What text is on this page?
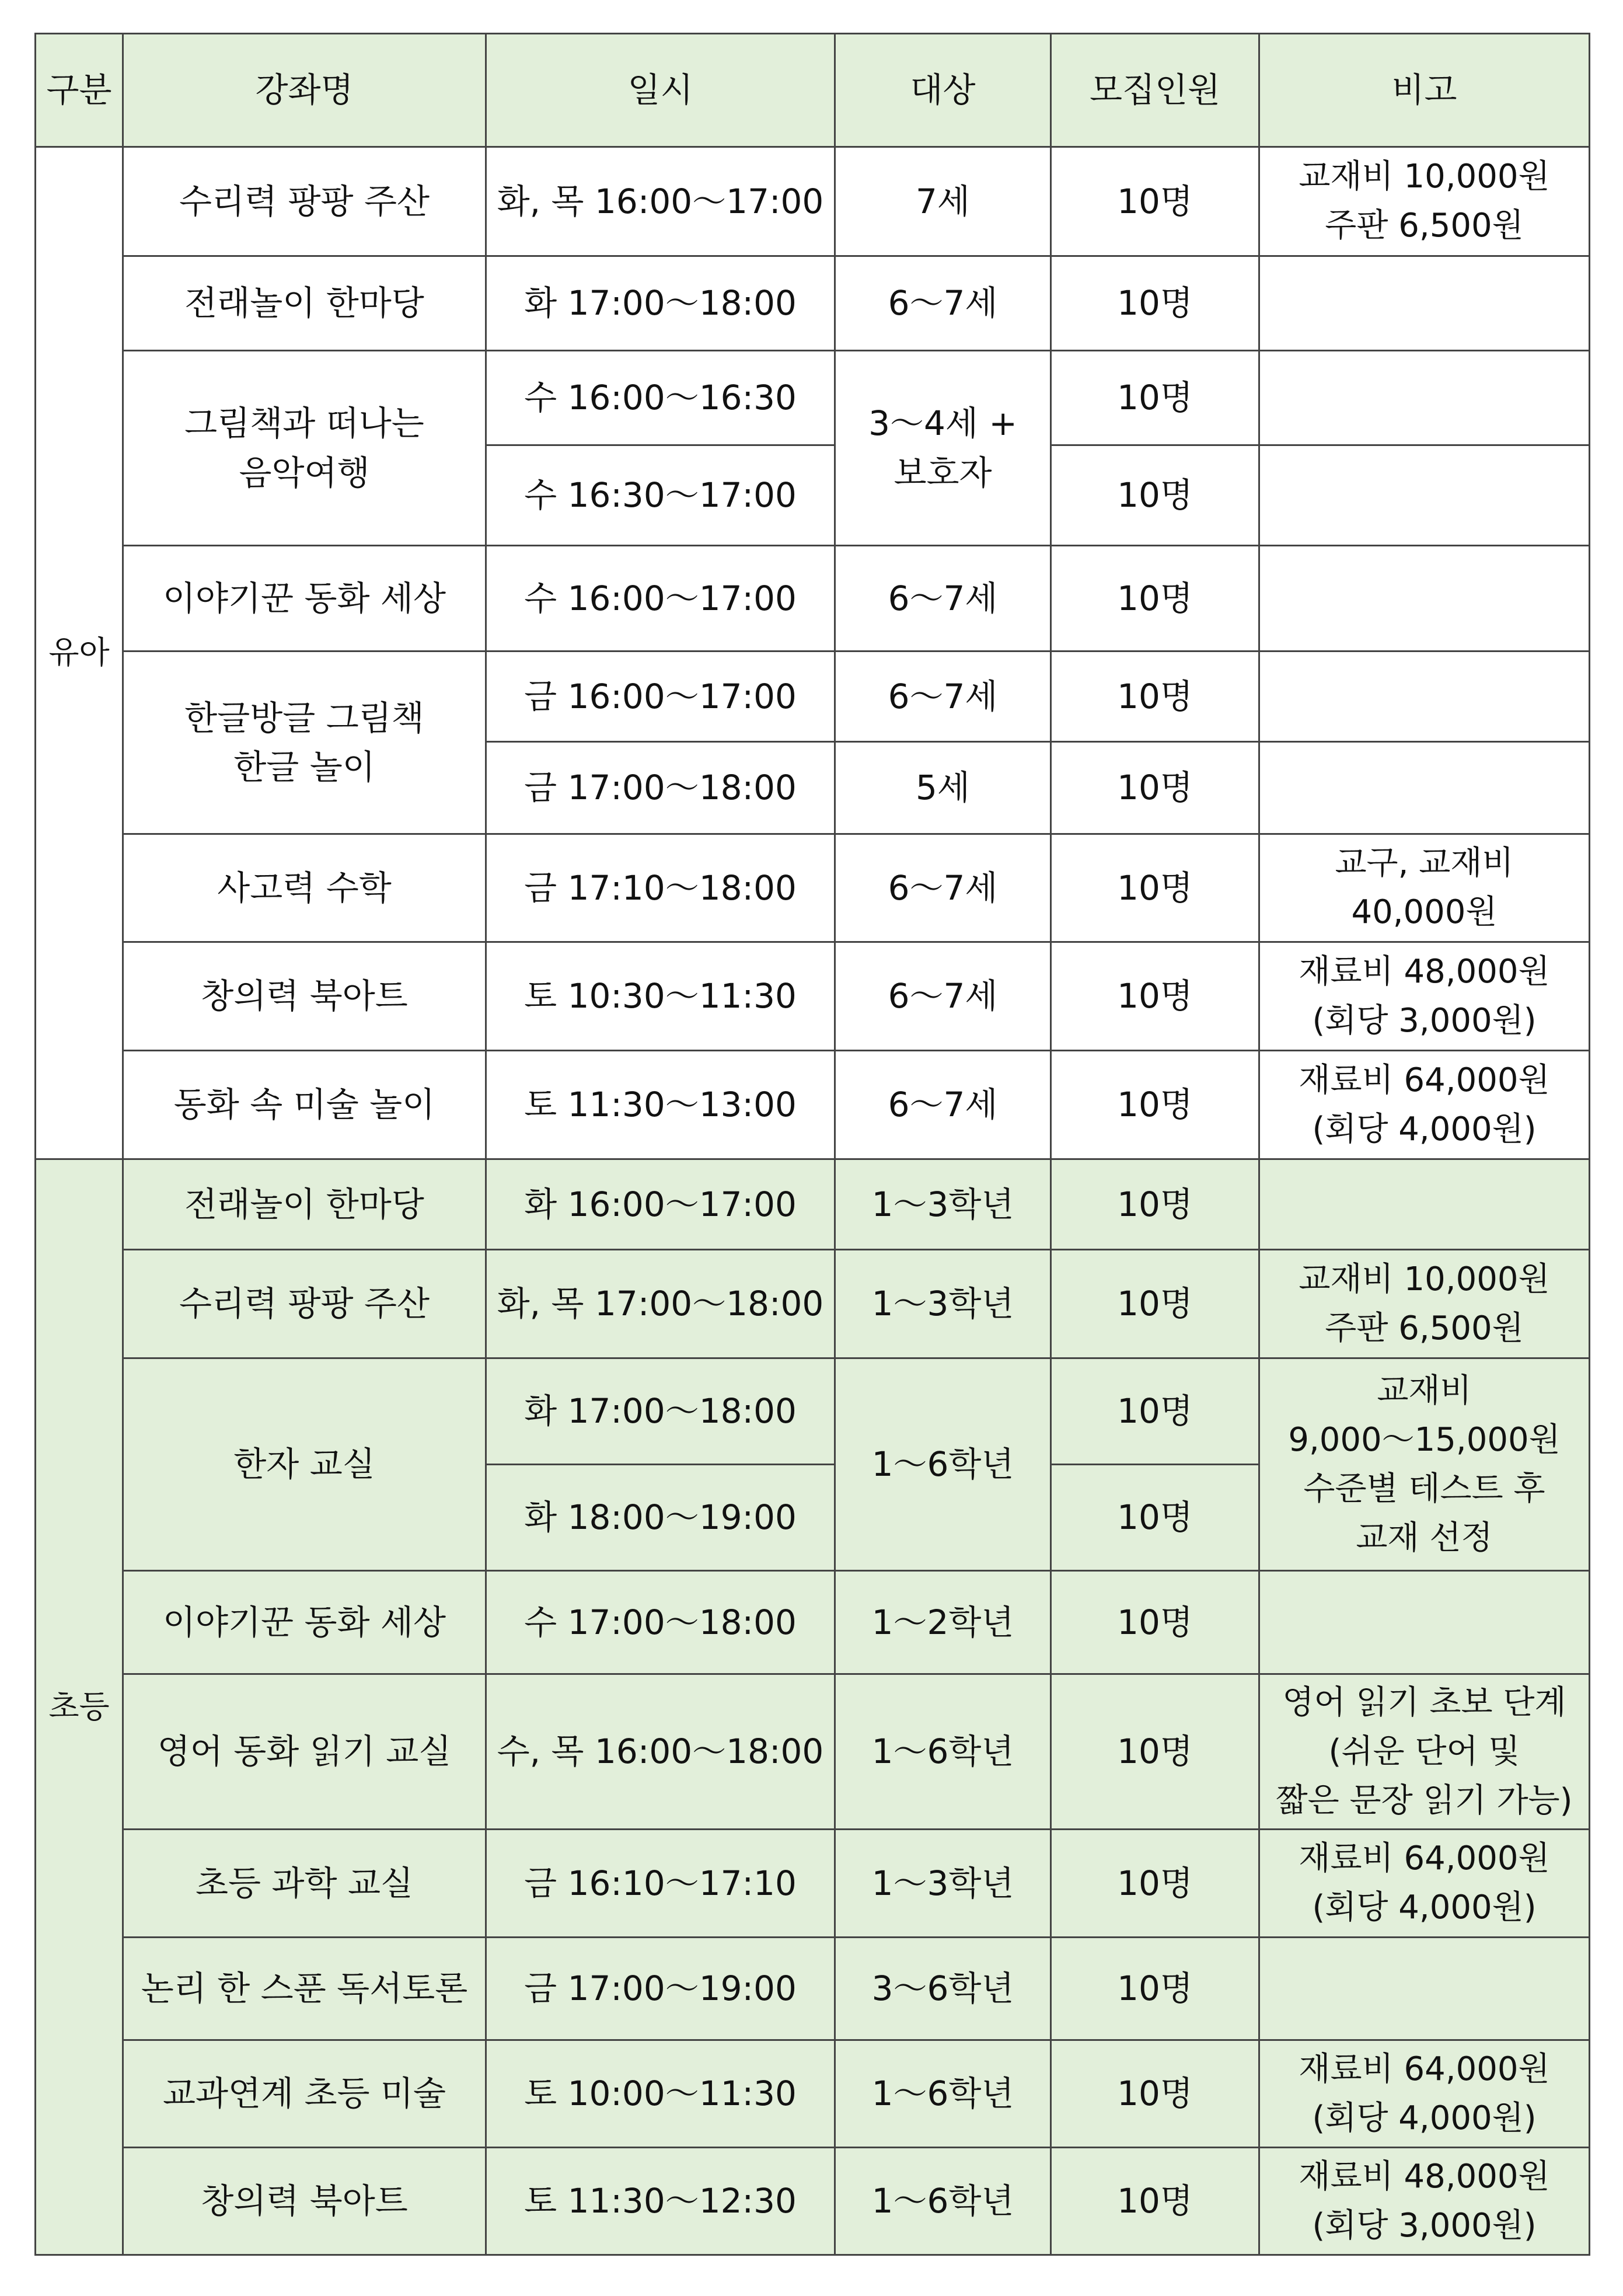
구분	강좌명	일시	대상	모집인원	비고
유아	수리력 팡팡 주산	화, 목 16:00～17:00	7세	10명	교재비 10,000원
주판 6,500원
	전래놀이 한마당	화 17:00～18:00	6～7세	10명	
	그림책과 떠나는
음악여행	수 16:00～16:30	3～4세 +
보호자	10명	
		수 16:30～17:00		10명	
	이야기꾼 동화 세상	수 16:00～17:00	6～7세	10명	
	한글방글 그림책
한글 놀이	금 16:00～17:00	6～7세	10명	
		금 17:00～18:00	5세	10명	
	사고력 수학	금 17:10～18:00	6～7세	10명	교구, 교재비
40,000원
	창의력 북아트	토 10:30～11:30	6～7세	10명	재료비 48,000원
(회당 3,000원)
	동화 속 미술 놀이	토 11:30～13:00	6～7세	10명	재료비 64,000원
(회당 4,000원)
초등	전래놀이 한마당	화 16:00～17:00	1～3학년	10명	
	수리력 팡팡 주산	화, 목 17:00～18:00	1～3학년	10명	교재비 10,000원
주판 6,500원
	한자 교실	화 17:00～18:00	1～6학년	10명	교재비
9,000～15,000원
수준별 테스트 후
교재 선정
		화 18:00～19:00		10명	
	이야기꾼 동화 세상	수 17:00～18:00	1～2학년	10명	
	영어 동화 읽기 교실	수, 목 16:00～18:00	1～6학년	10명	영어 읽기 초보 단계
(쉬운 단어 및
짧은 문장 읽기 가능)
	초등 과학 교실	금 16:10～17:10	1～3학년	10명	재료비 64,000원
(회당 4,000원)
	논리 한 스푼 독서토론	금 17:00～19:00	3～6학년	10명	
	교과연계 초등 미술	토 10:00～11:30	1～6학년	10명	재료비 64,000원
(회당 4,000원)
	창의력 북아트	토 11:30～12:30	1～6학년	10명	재료비 48,000원
(회당 3,000원)
